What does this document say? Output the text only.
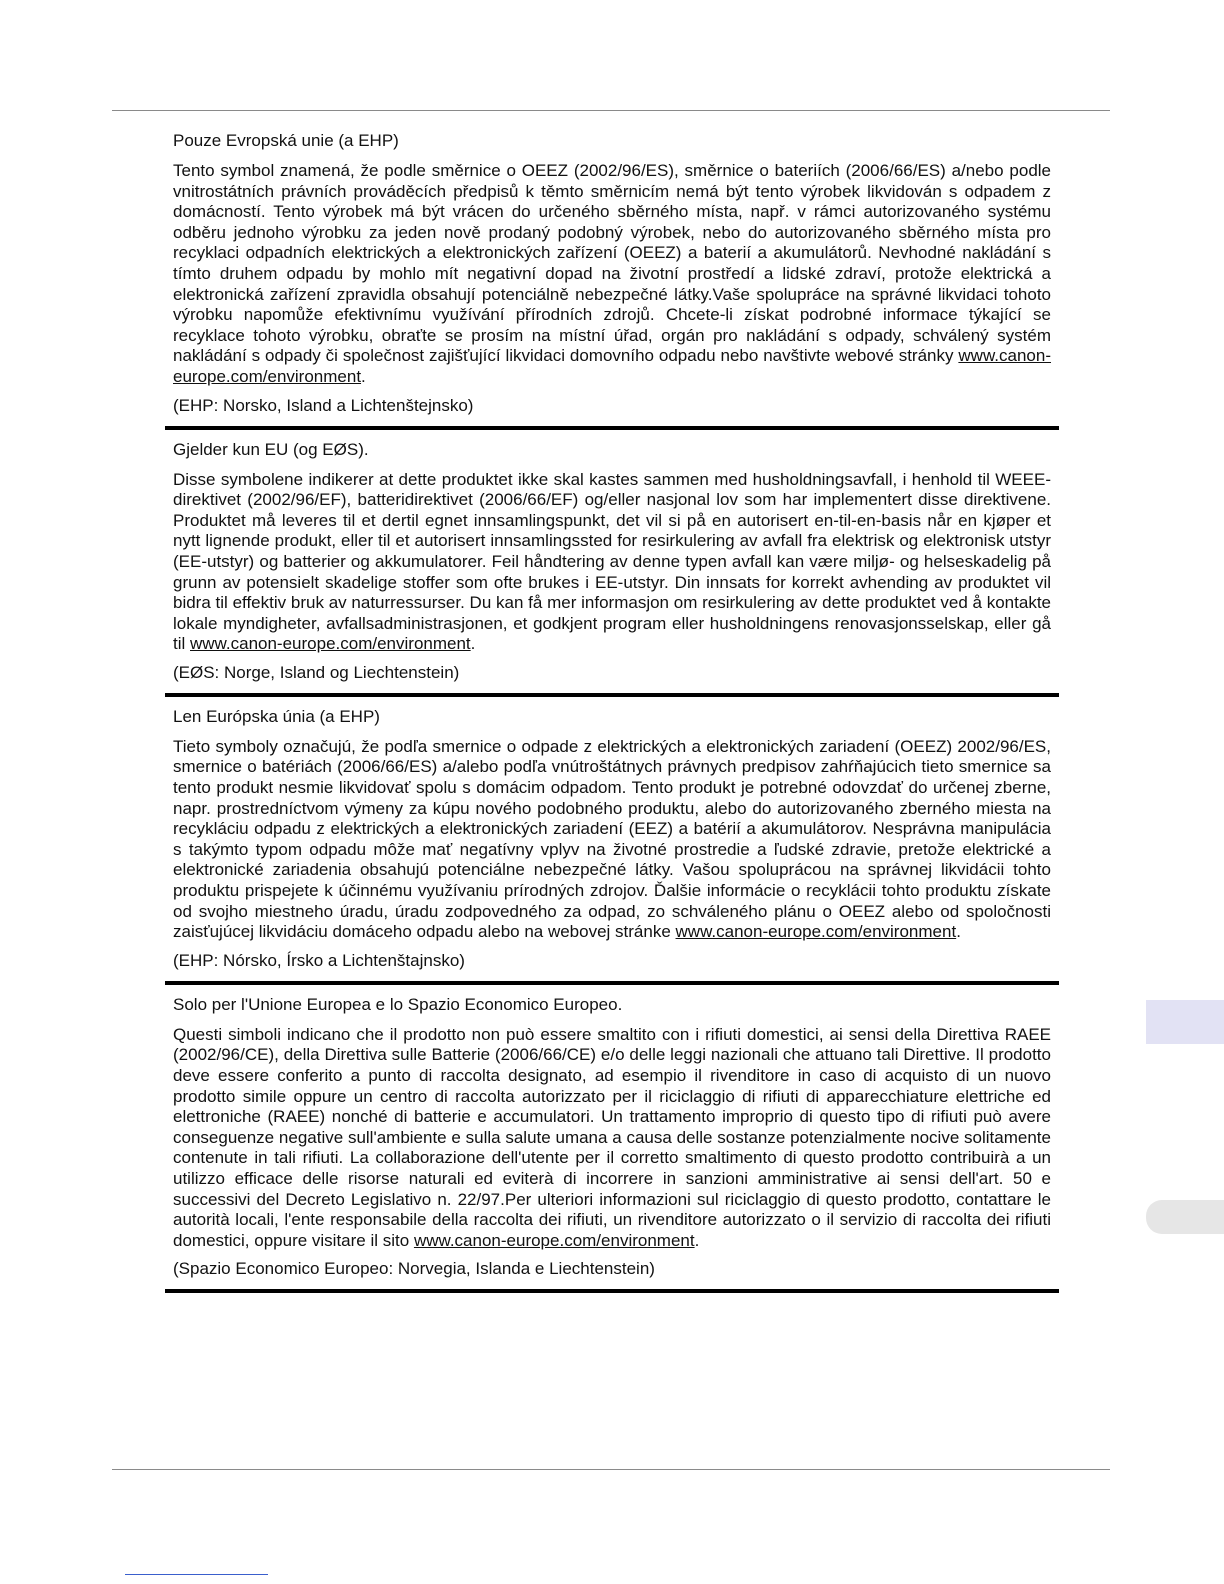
Pouze Evropská unie (a EHP)

Tento symbol znamená, že podle směrnice o OEEZ (2002/96/ES), směrnice o bateriích (2006/66/ES) a/nebo podle vnitrostátních právních prováděcích předpisů k těmto směrnicím nemá být tento výrobek likvidován s odpadem z domácností. Tento výrobek má být vrácen do určeného sběrného místa, např. v rámci autorizovaného systému odběru jednoho výrobku za jeden nově prodaný podobný výrobek, nebo do autorizovaného sběrného místa pro recyklaci odpadních elektrických a elektronických zařízení (OEEZ) a baterií a akumulátorů. Nevhodné nakládání s tímto druhem odpadu by mohlo mít negativní dopad na životní prostředí a lidské zdraví, protože elektrická a elektronická zařízení zpravidla obsahují potenciálně nebezpečné látky.Vaše spolupráce na správné likvidaci tohoto výrobku napomůže efektivnímu využívání přírodních zdrojů. Chcete-li získat podrobné informace týkající se recyklace tohoto výrobku, obraťte se prosím na místní úřad, orgán pro nakládání s odpady, schválený systém nakládání s odpady či společnost zajišťující likvidaci domovního odpadu nebo navštivte webové stránky www.canon-europe.com/environment.

(EHP: Norsko, Island a Lichtenštejnsko)

Gjelder kun EU (og EØS).

Disse symbolene indikerer at dette produktet ikke skal kastes sammen med husholdningsavfall, i henhold til WEEE-direktivet (2002/96/EF), batteridirektivet (2006/66/EF) og/eller nasjonal lov som har implementert disse direktivene. Produktet må leveres til et dertil egnet innsamlingspunkt, det vil si på en autorisert en-til-en-basis når en kjøper et nytt lignende produkt, eller til et autorisert innsamlingssted for resirkulering av avfall fra elektrisk og elektronisk utstyr (EE-utstyr) og batterier og akkumulatorer. Feil håndtering av denne typen avfall kan være miljø- og helseskadelig på grunn av potensielt skadelige stoffer som ofte brukes i EE-utstyr. Din innsats for korrekt avhending av produktet vil bidra til effektiv bruk av naturressurser. Du kan få mer informasjon om resirkulering av dette produktet ved å kontakte lokale myndigheter, avfallsadministrasjonen, et godkjent program eller husholdningens renovasjonsselskap, eller gå til www.canon-europe.com/environment.

(EØS: Norge, Island og Liechtenstein)

Len Európska únia (a EHP)

Tieto symboly označujú, že podľa smernice o odpade z elektrických a elektronických zariadení (OEEZ) 2002/96/ES, smernice o batériách (2006/66/ES) a/alebo podľa vnútroštátnych právnych predpisov zahŕňajúcich tieto smernice sa tento produkt nesmie likvidovať spolu s domácim odpadom. Tento produkt je potrebné odovzdať do určenej zberne, napr. prostredníctvom výmeny za kúpu nového podobného produktu, alebo do autorizovaného zberného miesta na recykláciu odpadu z elektrických a elektronických zariadení (EEZ) a batérií a akumulátorov. Nesprávna manipulácia s takýmto typom odpadu môže mať negatívny vplyv na životné prostredie a ľudské zdravie, pretože elektrické a elektronické zariadenia obsahujú potenciálne nebezpečné látky. Vašou spoluprácou na správnej likvidácii tohto produktu prispejete k účinnému využívaniu prírodných zdrojov. Ďalšie informácie o recyklácii tohto produktu získate od svojho miestneho úradu, úradu zodpovedného za odpad, zo schváleného plánu o OEEZ alebo od spoločnosti zaisťujúcej likvidáciu domáceho odpadu alebo na webovej stránke www.canon-europe.com/environment.

(EHP: Nórsko, Írsko a Lichtenštajnsko)

Solo per l'Unione Europea e lo Spazio Economico Europeo.

Questi simboli indicano che il prodotto non può essere smaltito con i rifiuti domestici, ai sensi della Direttiva RAEE (2002/96/CE), della Direttiva sulle Batterie (2006/66/CE) e/o delle leggi nazionali che attuano tali Direttive. Il prodotto deve essere conferito a punto di raccolta designato, ad esempio il rivenditore in caso di acquisto di un nuovo prodotto simile oppure un centro di raccolta autorizzato per il riciclaggio di rifiuti di apparecchiature elettriche ed elettroniche (RAEE) nonché di batterie e accumulatori. Un trattamento improprio di questo tipo di rifiuti può avere conseguenze negative sull'ambiente e sulla salute umana a causa delle sostanze potenzialmente nocive solitamente contenute in tali rifiuti. La collaborazione dell'utente per il corretto smaltimento di questo prodotto contribuirà a un utilizzo efficace delle risorse naturali ed eviterà di incorrere in sanzioni amministrative ai sensi dell'art. 50 e successivi del Decreto Legislativo n. 22/97.Per ulteriori informazioni sul riciclaggio di questo prodotto, contattare le autorità locali, l'ente responsabile della raccolta dei rifiuti, un rivenditore autorizzato o il servizio di raccolta dei rifiuti domestici, oppure visitare il sito www.canon-europe.com/environment.

(Spazio Economico Europeo: Norvegia, Islanda e Liechtenstein)
